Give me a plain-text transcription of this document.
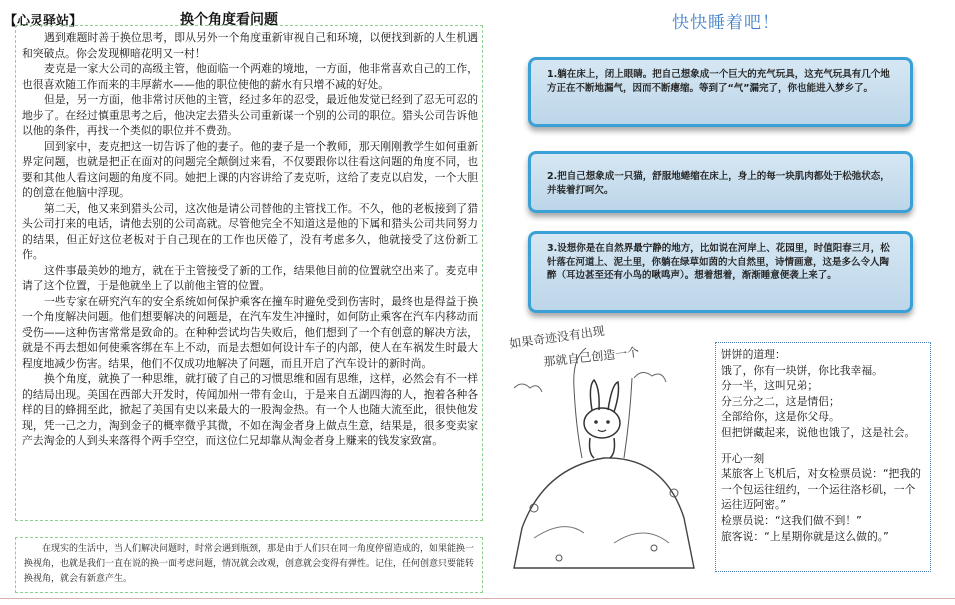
【心灵驿站】	换个角度看问题

遇到难题时善于换位思考，即从另外一个角度重新审视自己和环境，以便找到新的人生机遇和突破点。你会发现柳暗花明又一村！

麦克是一家大公司的高级主管，他面临一个两难的境地，一方面，他非常喜欢自己的工作，也很喜欢随工作而来的丰厚薪水——他的职位使他的薪水有只增不减的好处。

但是，另一方面，他非常讨厌他的主管，经过多年的忍受，最近他发觉已经到了忍无可忍的地步了。在经过慎重思考之后，他决定去猎头公司重新谋一个别的公司的职位。猎头公司告诉他以他的条件，再找一个类似的职位并不费劲。

回到家中，麦克把这一切告诉了他的妻子。他的妻子是一个教师，那天刚刚教学生如何重新界定问题，也就是把正在面对的问题完全颠倒过来看，不仅要跟你以往看这问题的角度不同，也要和其他人看这问题的角度不同。她把上课的内容讲给了麦克听，这给了麦克以启发，一个大胆的创意在他脑中浮现。

第二天，他又来到猎头公司，这次他是请公司替他的主管找工作。不久，他的老板接到了猎头公司打来的电话，请他去别的公司高就。尽管他完全不知道这是他的下属和猎头公司共同努力的结果，但正好这位老板对于自己现在的工作也厌倦了，没有考虑多久，他就接受了这份新工作。

这件事最美妙的地方，就在于主管接受了新的工作，结果他目前的位置就空出来了。麦克申请了这个位置，于是他就坐上了以前他主管的位置。

一些专家在研究汽车的安全系统如何保护乘客在撞车时避免受到伤害时，最终也是得益于换一个角度解决问题。他们想要解决的问题是，在汽车发生冲撞时，如何防止乘客在汽车内移动而受伤——这种伤害常常是致命的。在种种尝试均告失败后，他们想到了一个有创意的解决方法，就是不再去想如何使乘客绑在车上不动，而是去想如何设计车子的内部，使人在车祸发生时最大程度地减少伤害。结果，他们不仅成功地解决了问题，而且开启了汽车设计的新时尚。

换个角度，就换了一种思维，就打破了自己的习惯思维和固有思维，这样，必然会有不一样的结局出现。美国在西部大开发时，传闻加州一带有金山，于是来自五湖四海的人，抱着各种各样的目的蜂拥至此，掀起了美国有史以来最大的一股淘金热。有一个人也随大流至此，很快他发现，凭一己之力，淘到金子的概率微乎其微，不如在淘金者身上做点生意，结果是，很多变卖家产去淘金的人到头来落得个两手空空，而这位仁兄却靠从淘金者身上赚来的钱发家致富。

在现实的生活中，当人们解决问题时，时常会遇到瓶颈，那是由于人们只在同一角度停留造成的，如果能换一换视角，也就是我们一直在说的换一面考虑问题，情况就会改观，创意就会变得有弹性。记住，任何创意只要能转换视角，就会有新意产生。

快快睡着吧！

1.躺在床上，闭上眼睛。把自己想象成一个巨大的充气玩具，这充气玩具有几个地方正在不断地漏气，因而不断瘪缩。等到了“气”漏完了，你也能进入梦乡了。

2.把自己想象成一只猫，舒服地蜷缩在床上，身上的每一块肌肉都处于松弛状态，并装着打呵欠。

3.设想你是在自然界最宁静的地方，比如说在河岸上、花园里，时值阳春三月，松针落在河道上、泥土里，你躺在绿草如茵的大自然里，诗情画意，这是多么令人陶醉（耳边甚至还有小鸟的啾鸣声）。想着想着，渐渐睡意便袭上来了。

如果奇迹没有出现
那就自己创造一个	饼饼的道理：

饿了，你有一块饼，你比我幸福。

分一半，这叫兄弟；

分三分之二，这是情侣；

全部给你，这是你父母。

但把饼藏起来，说他也饿了，这是社会。

开心一刻

某旅客上飞机后，对女检票员说：“把我的一个包运往纽约，一个运往洛杉矶，一个运往迈阿密。”

检票员说：“这我们做不到！”

旅客说：“上星期你就是这么做的。”
